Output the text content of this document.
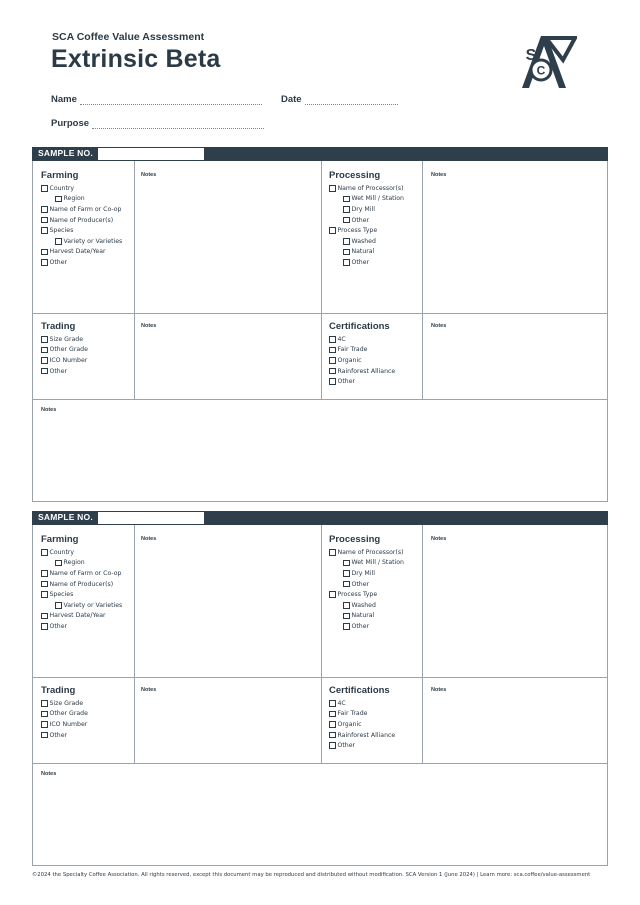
SCA Coffee Value Assessment
Extrinsic Beta	C
S
Name	Date
Purpose
SAMPLE NO.
Farming
Country
Region
Name of Farm or Co-op
Name of Producer(s)
Species
Variety or Varieties
Harvest Date/Year
Other
Notes	Processing
Name of Processor(s)
Wet Mill / Station
Dry Mill
Other
Process Type
Washed
Natural
Other
Notes
Trading
Size Grade
Other Grade
ICO Number
Other
Notes	Certifications
4C
Fair Trade
Organic
Rainforest Alliance
Other
Notes
Notes
SAMPLE NO.
Farming
Country
Region
Name of Farm or Co-op
Name of Producer(s)
Species
Variety or Varieties
Harvest Date/Year
Other
Notes	Processing
Name of Processor(s)
Wet Mill / Station
Dry Mill
Other
Process Type
Washed
Natural
Other
Notes
Trading
Size Grade
Other Grade
ICO Number
Other
Notes	Certifications
4C
Fair Trade
Organic
Rainforest Alliance
Other
Notes
Notes
©2024 the Specialty Coffee Association. All rights reserved, except this document may be reproduced and distributed without modification. SCA Version 1 (June 2024) | Learn more: sca.coffee/value-assessment
